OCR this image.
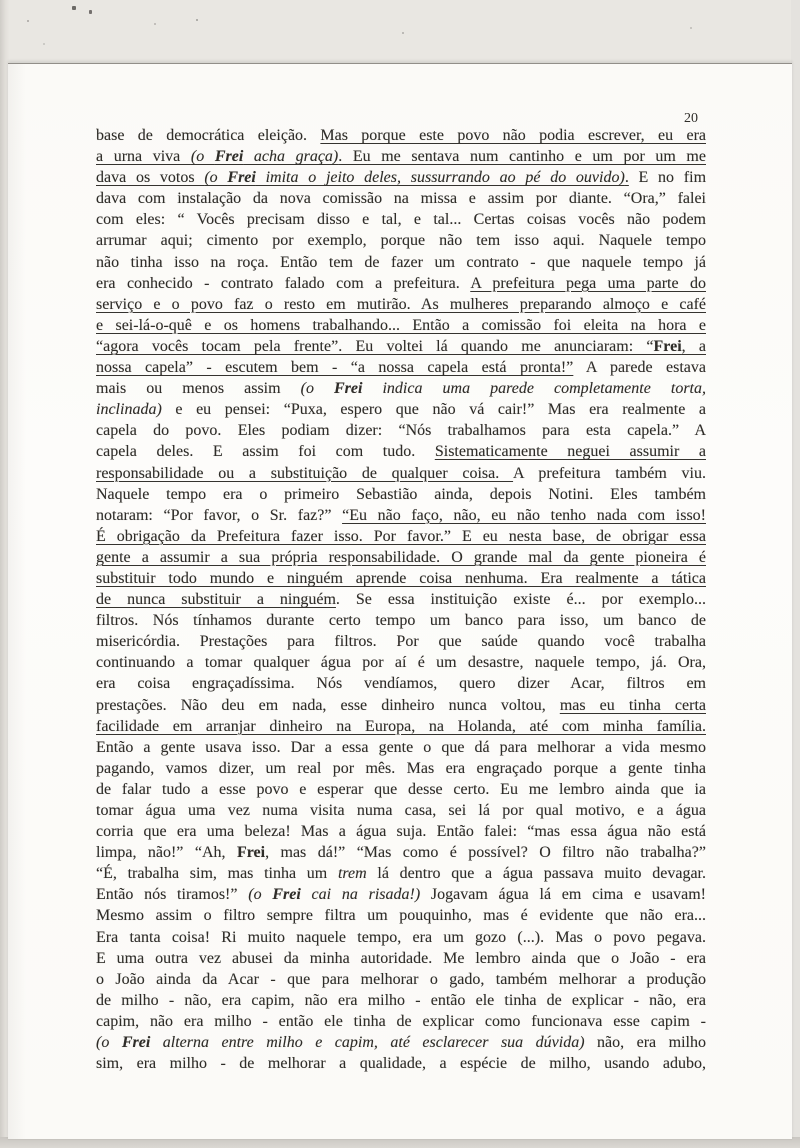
20
base de democrática eleição. Mas porque este povo não podia escrever, eu era
a urna viva (o Frei acha graça). Eu me sentava num cantinho e um por um me
dava os votos (o Frei imita o jeito deles, sussurrando ao pé do ouvido). E no fim
dava com instalação da nova comissão na missa e assim por diante. “Ora,” falei
com eles: “ Vocês precisam disso e tal, e tal... Certas coisas vocês não podem
arrumar aqui; cimento por exemplo, porque não tem isso aqui. Naquele tempo
não tinha isso na roça. Então tem de fazer um contrato - que naquele tempo já
era conhecido - contrato falado com a prefeitura. A prefeitura pega uma parte do
serviço e o povo faz o resto em mutirão. As mulheres preparando almoço e café
e sei-lá-o-quê e os homens trabalhando... Então a comissão foi eleita na hora e
“agora vocês tocam pela frente”. Eu voltei lá quando me anunciaram: “Frei, a
nossa capela” - escutem bem - “a nossa capela está pronta!” A parede estava
mais ou menos assim (o Frei indica uma parede completamente torta,
inclinada) e eu pensei: “Puxa, espero que não vá cair!” Mas era realmente a
capela do povo. Eles podiam dizer: “Nós trabalhamos para esta capela.” A
capela deles. E assim foi com tudo. Sistematicamente neguei assumir a
responsabilidade ou a substituição de qualquer coisa. A prefeitura também viu.
Naquele tempo era o primeiro Sebastião ainda, depois Notini. Eles também
notaram: “Por favor, o Sr. faz?” “Eu não faço, não, eu não tenho nada com isso!
É obrigação da Prefeitura fazer isso. Por favor.” E eu nesta base, de obrigar essa
gente a assumir a sua própria responsabilidade. O grande mal da gente pioneira é
substituir todo mundo e ninguém aprende coisa nenhuma. Era realmente a tática
de nunca substituir a ninguém. Se essa instituição existe é... por exemplo...
filtros. Nós tínhamos durante certo tempo um banco para isso, um banco de
misericórdia. Prestações para filtros. Por que saúde quando você trabalha
continuando a tomar qualquer água por aí é um desastre, naquele tempo, já. Ora,
era coisa engraçadíssima. Nós vendíamos, quero dizer Acar, filtros em
prestações. Não deu em nada, esse dinheiro nunca voltou, mas eu tinha certa
facilidade em arranjar dinheiro na Europa, na Holanda, até com minha família.
Então a gente usava isso. Dar a essa gente o que dá para melhorar a vida mesmo
pagando, vamos dizer, um real por mês. Mas era engraçado porque a gente tinha
de falar tudo a esse povo e esperar que desse certo. Eu me lembro ainda que ia
tomar água uma vez numa visita numa casa, sei lá por qual motivo, e a água
corria que era uma beleza! Mas a água suja. Então falei: “mas essa água não está
limpa, não!” “Ah, Frei, mas dá!” “Mas como é possível? O filtro não trabalha?”
“É, trabalha sim, mas tinha um trem lá dentro que a água passava muito devagar.
Então nós tiramos!” (o Frei cai na risada!) Jogavam água lá em cima e usavam!
Mesmo assim o filtro sempre filtra um pouquinho, mas é evidente que não era...
Era tanta coisa! Ri muito naquele tempo, era um gozo (...). Mas o povo pegava.
E uma outra vez abusei da minha autoridade. Me lembro ainda que o João - era
o João ainda da Acar - que para melhorar o gado, também melhorar a produção
de milho - não, era capim, não era milho - então ele tinha de explicar - não, era
capim, não era milho - então ele tinha de explicar como funcionava esse capim -
(o Frei alterna entre milho e capim, até esclarecer sua dúvida) não, era milho
sim, era milho - de melhorar a qualidade, a espécie de milho, usando adubo,
